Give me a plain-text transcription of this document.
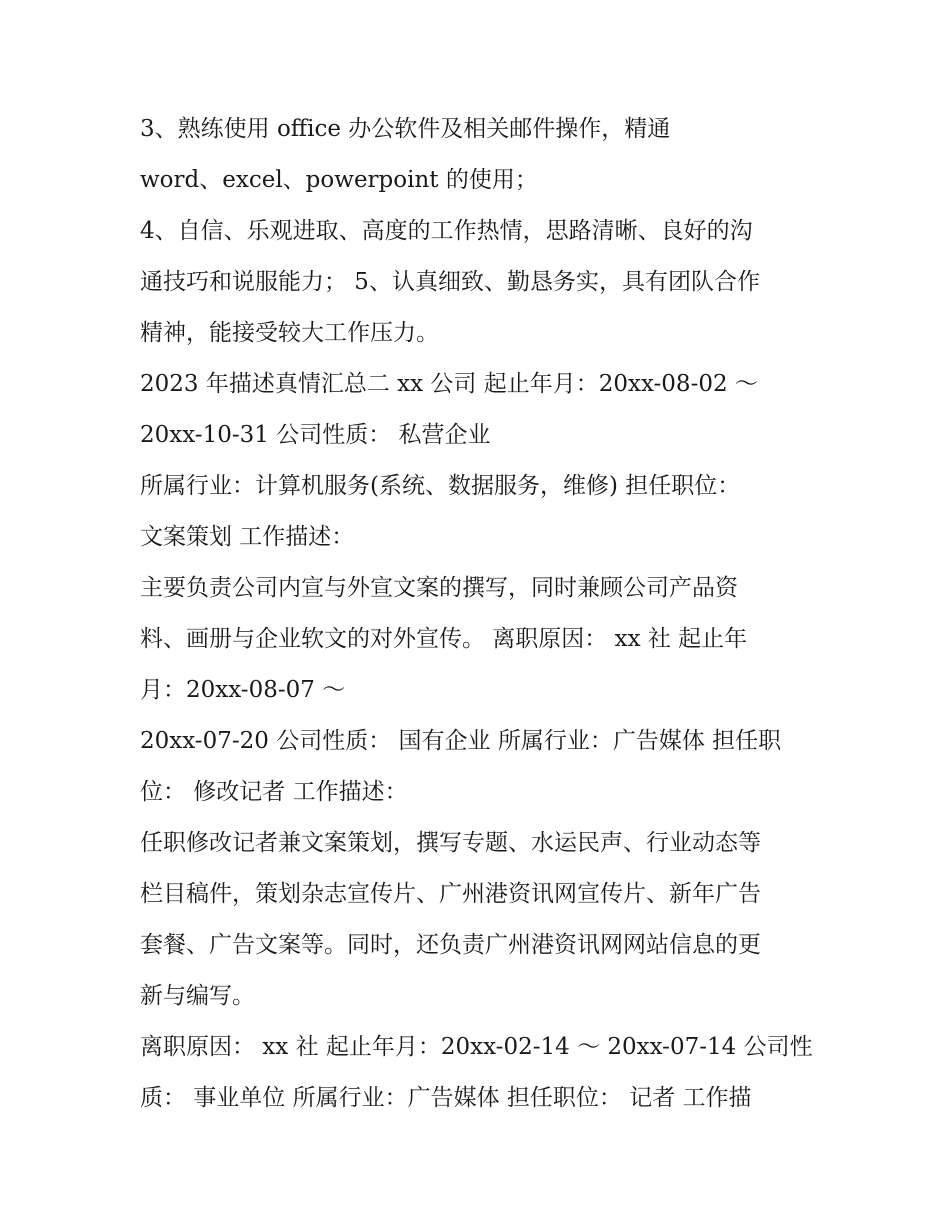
3、熟练使用 office 办公软件及相关邮件操作，精通
word、excel、powerpoint 的使用；
4、自信、乐观进取、高度的工作热情，思路清晰、良好的沟
通技巧和说服能力； 5、认真细致、勤恳务实，具有团队合作
精神，能接受较大工作压力。
2023 年描述真情汇总二 xx 公司 起止年月：20xx-08-02 ～
20xx-10-31 公司性质： 私营企业
所属行业：计算机服务(系统、数据服务，维修) 担任职位：
文案策划 工作描述：
主要负责公司内宣与外宣文案的撰写，同时兼顾公司产品资
料、画册与企业软文的对外宣传。 离职原因： xx 社 起止年
月：20xx-08-07 ～
20xx-07-20 公司性质： 国有企业 所属行业：广告媒体 担任职
位： 修改记者 工作描述：
任职修改记者兼文案策划，撰写专题、水运民声、行业动态等
栏目稿件，策划杂志宣传片、广州港资讯网宣传片、新年广告
套餐、广告文案等。同时，还负责广州港资讯网网站信息的更
新与编写。
离职原因： xx 社 起止年月：20xx-02-14 ～ 20xx-07-14 公司性
质： 事业单位 所属行业：广告媒体 担任职位： 记者 工作描
